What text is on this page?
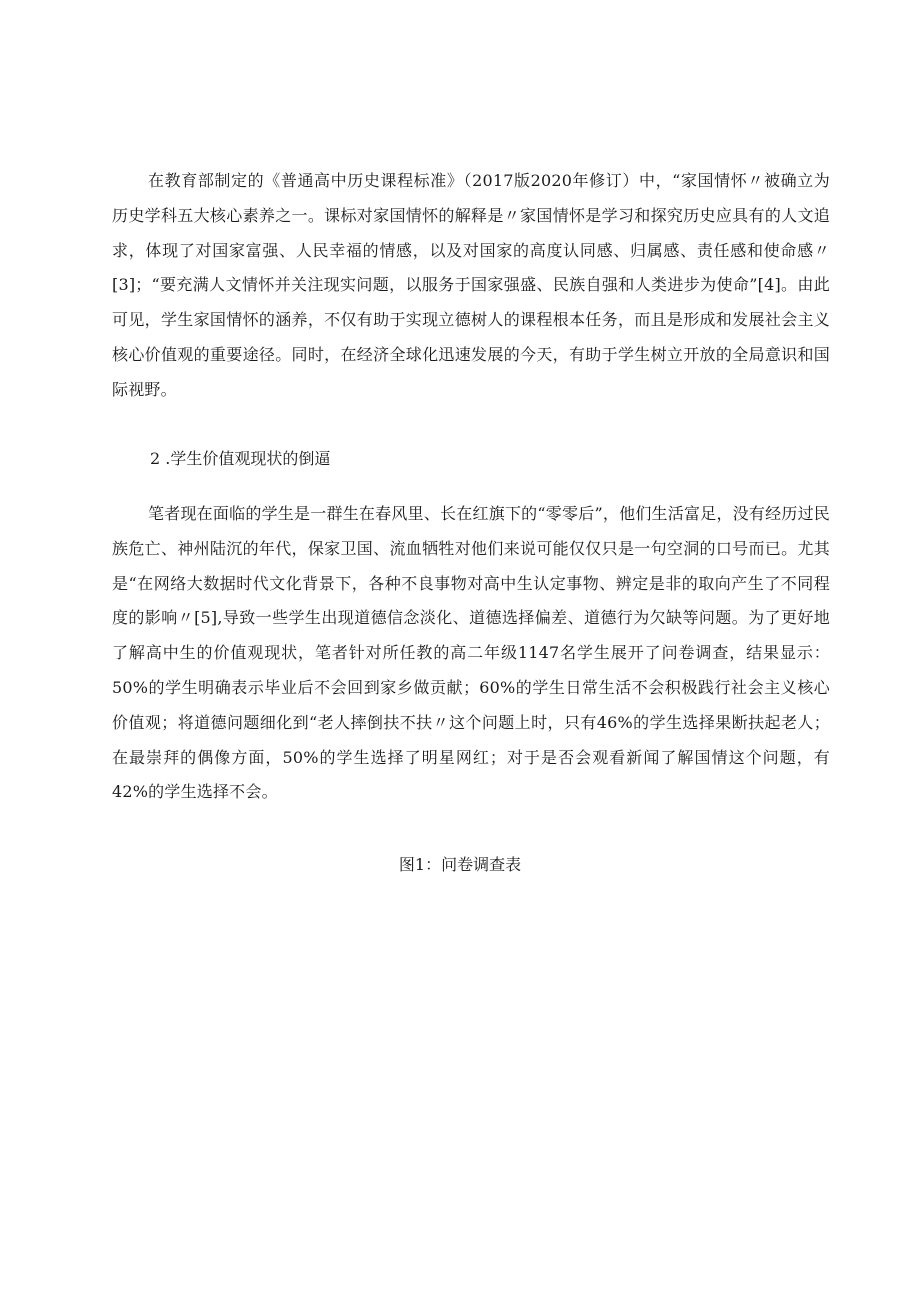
在教育部制定的《普通高中历史课程标准》（2017版2020年修订）中，“家国情怀〃被确立为历史学科五大核心素养之一。课标对家国情怀的解释是〃家国情怀是学习和探究历史应具有的人文追求，体现了对国家富强、人民幸福的情感，以及对国家的高度认同感、归属感、责任感和使命感〃[3]；“要充满人文情怀并关注现实问题，以服务于国家强盛、民族自强和人类进步为使命”[4]。由此可见，学生家国情怀的涵养，不仅有助于实现立德树人的课程根本任务，而且是形成和发展社会主义核心价值观的重要途径。同时，在经济全球化迅速发展的今天，有助于学生树立开放的全局意识和国际视野。

2 .学生价值观现状的倒逼

笔者现在面临的学生是一群生在春风里、长在红旗下的“零零后”，他们生活富足，没有经历过民族危亡、神州陆沉的年代，保家卫国、流血牺牲对他们来说可能仅仅只是一句空洞的口号而已。尤其是“在网络大数据时代文化背景下，各种不良事物对高中生认定事物、辨定是非的取向产生了不同程度的影响〃[5],导致一些学生出现道德信念淡化、道德选择偏差、道德行为欠缺等问题。为了更好地了解高中生的价值观现状，笔者针对所任教的高二年级1147名学生展开了问卷调查，结果显示：50%的学生明确表示毕业后不会回到家乡做贡献；60%的学生日常生活不会积极践行社会主义核心价值观；将道德问题细化到“老人摔倒扶不扶〃这个问题上时，只有46%的学生选择果断扶起老人；在最崇拜的偶像方面，50%的学生选择了明星网红；对于是否会观看新闻了解国情这个问题，有42%的学生选择不会。

图1：问卷调查表
